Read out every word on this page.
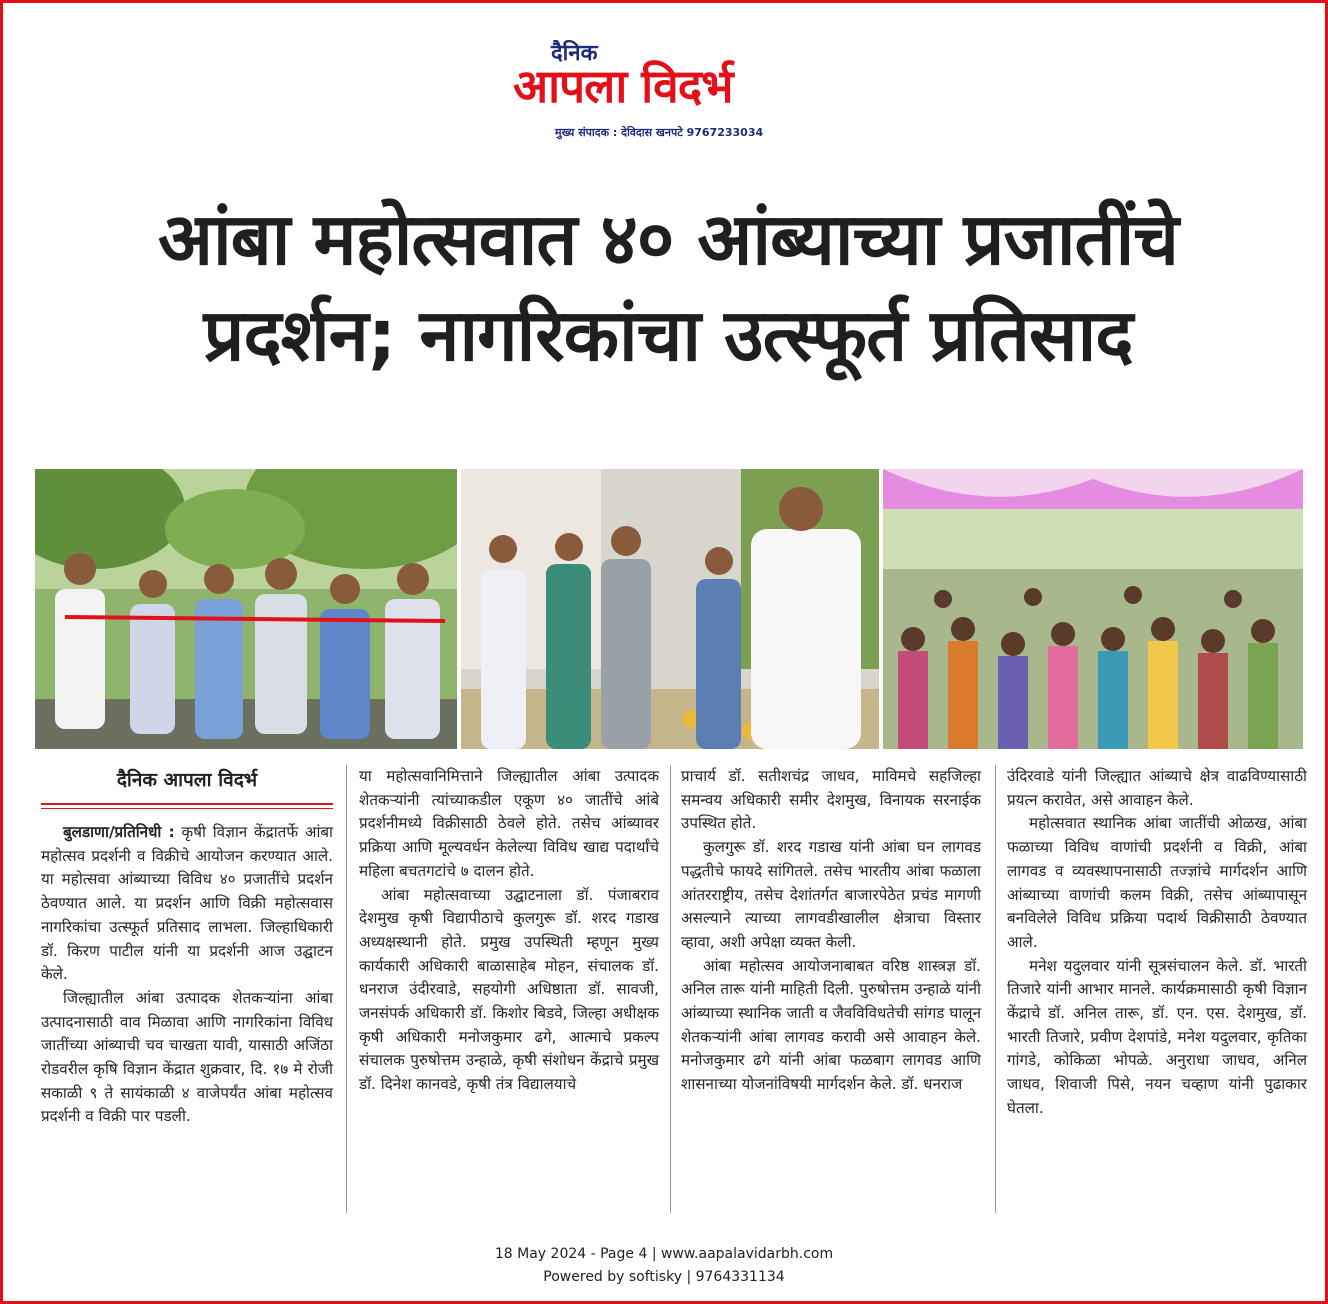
दैनिक
आपला विदर्भ
मुख्य संपादक : देविदास खनपटे 9767233034
आंबा महोत्सवात ४० आंब्याच्या प्रजातींचे
प्रदर्शन; नागरिकांचा उत्स्फूर्त प्रतिसाद
दैनिक आपला विदर्भ

बुलडाणा/प्रतिनिधी : कृषी विज्ञान केंद्रातर्फे आंबा महोत्सव प्रदर्शनी व विक्रीचे आयोजन करण्यात आले. या महोत्सवा आंब्याच्या विविध ४० प्रजातींचे प्रदर्शन ठेवण्यात आले. या प्रदर्शन आणि विक्री महोत्सवास नागरिकांचा उत्स्फूर्त प्रतिसाद लाभला. जिल्हाधिकारी डॉ. किरण पाटील यांनी या प्रदर्शनी आज उद्घाटन केले.

जिल्ह्यातील आंबा उत्पादक शेतकऱ्यांना आंबा उत्पादनासाठी वाव मिळावा आणि नागरिकांना विविध जातींच्या आंब्याची चव चाखता यावी, यासाठी अजिंठा रोडवरील कृषि विज्ञान केंद्रात शुक्रवार, दि. १७ मे रोजी सकाळी ९ ते सायंकाळी ४ वाजेपर्यंत आंबा महोत्सव प्रदर्शनी व विक्री पार पडली.

या महोत्सवानिमित्ताने जिल्ह्यातील आंबा उत्पादक शेतकऱ्यांनी त्यांच्याकडील एकूण ४० जातींचे आंबे प्रदर्शनीमध्ये विक्रीसाठी ठेवले होते. तसेच आंब्यावर प्रक्रिया आणि मूल्यवर्धन केलेल्या विविध खाद्य पदार्थांचे महिला बचतगटांचे ७ दालन होते.

आंबा महोत्सवाच्या उद्घाटनाला डॉ. पंजाबराव देशमुख कृषी विद्यापीठाचे कुलगुरू डॉ. शरद गडाख अध्यक्षस्थानी होते. प्रमुख उपस्थिती म्हणून मुख्य कार्यकारी अधिकारी बाळासाहेब मोहन, संचालक डॉ. धनराज उंदीरवाडे, सहयोगी अधिष्ठाता डॉ. सावजी, जनसंपर्क अधिकारी डॉ. किशोर बिडवे, जिल्हा अधीक्षक कृषी अधिकारी मनोजकुमार ढगे, आत्माचे प्रकल्प संचालक पुरुषोत्तम उन्हाळे, कृषी संशोधन केंद्राचे प्रमुख डॉ. दिनेश कानवडे, कृषी तंत्र विद्यालयाचे

प्राचार्य डॉ. सतीशचंद्र जाधव, माविमचे सहजिल्हा समन्वय अधिकारी समीर देशमुख, विनायक सरनाईक उपस्थित होते.

कुलगुरू डॉ. शरद गडाख यांनी आंबा घन लागवड पद्धतीचे फायदे सांगितले. तसेच भारतीय आंबा फळाला आंतरराष्ट्रीय, तसेच देशांतर्गत बाजारपेठेत प्रचंड मागणी असल्याने त्याच्या लागवडीखालील क्षेत्राचा विस्तार व्हावा, अशी अपेक्षा व्यक्त केली.

आंबा महोत्सव आयोजनाबाबत वरिष्ठ शास्त्रज्ञ डॉ. अनिल तारू यांनी माहिती दिली. पुरुषोत्तम उन्हाळे यांनी आंब्याच्या स्थानिक जाती व जैवविविधतेची सांगड घालून शेतकऱ्यांनी आंबा लागवड करावी असे आवाहन केले. मनोजकुमार ढगे यांनी आंबा फळबाग लागवड आणि शासनाच्या योजनांविषयी मार्गदर्शन केले. डॉ. धनराज

उंदिरवाडे यांनी जिल्ह्यात आंब्याचे क्षेत्र वाढविण्यासाठी प्रयत्न करावेत, असे आवाहन केले.

महोत्सवात स्थानिक आंबा जातींची ओळख, आंबा फळाच्या विविध वाणांची प्रदर्शनी व विक्री, आंबा लागवड व व्यवस्थापनासाठी तज्ज्ञांचे मार्गदर्शन आणि आंब्याच्या वाणांची कलम विक्री, तसेच आंब्यापासून बनविलेले विविध प्रक्रिया पदार्थ विक्रीसाठी ठेवण्यात आले.

मनेश यदुलवार यांनी सूत्रसंचालन केले. डॉ. भारती तिजारे यांनी आभार मानले. कार्यक्रमासाठी कृषी विज्ञान केंद्राचे डॉ. अनिल तारू, डॉ. एन. एस. देशमुख, डॉ. भारती तिजारे, प्रवीण देशपांडे, मनेश यदुलवार, कृतिका गांगडे, कोकिळा भोपळे. अनुराधा जाधव, अनिल जाधव, शिवाजी पिसे, नयन चव्हाण यांनी पुढाकार घेतला.

18 May 2024 - Page 4 | www.aapalavidarbh.com
Powered by softisky | 9764331134
